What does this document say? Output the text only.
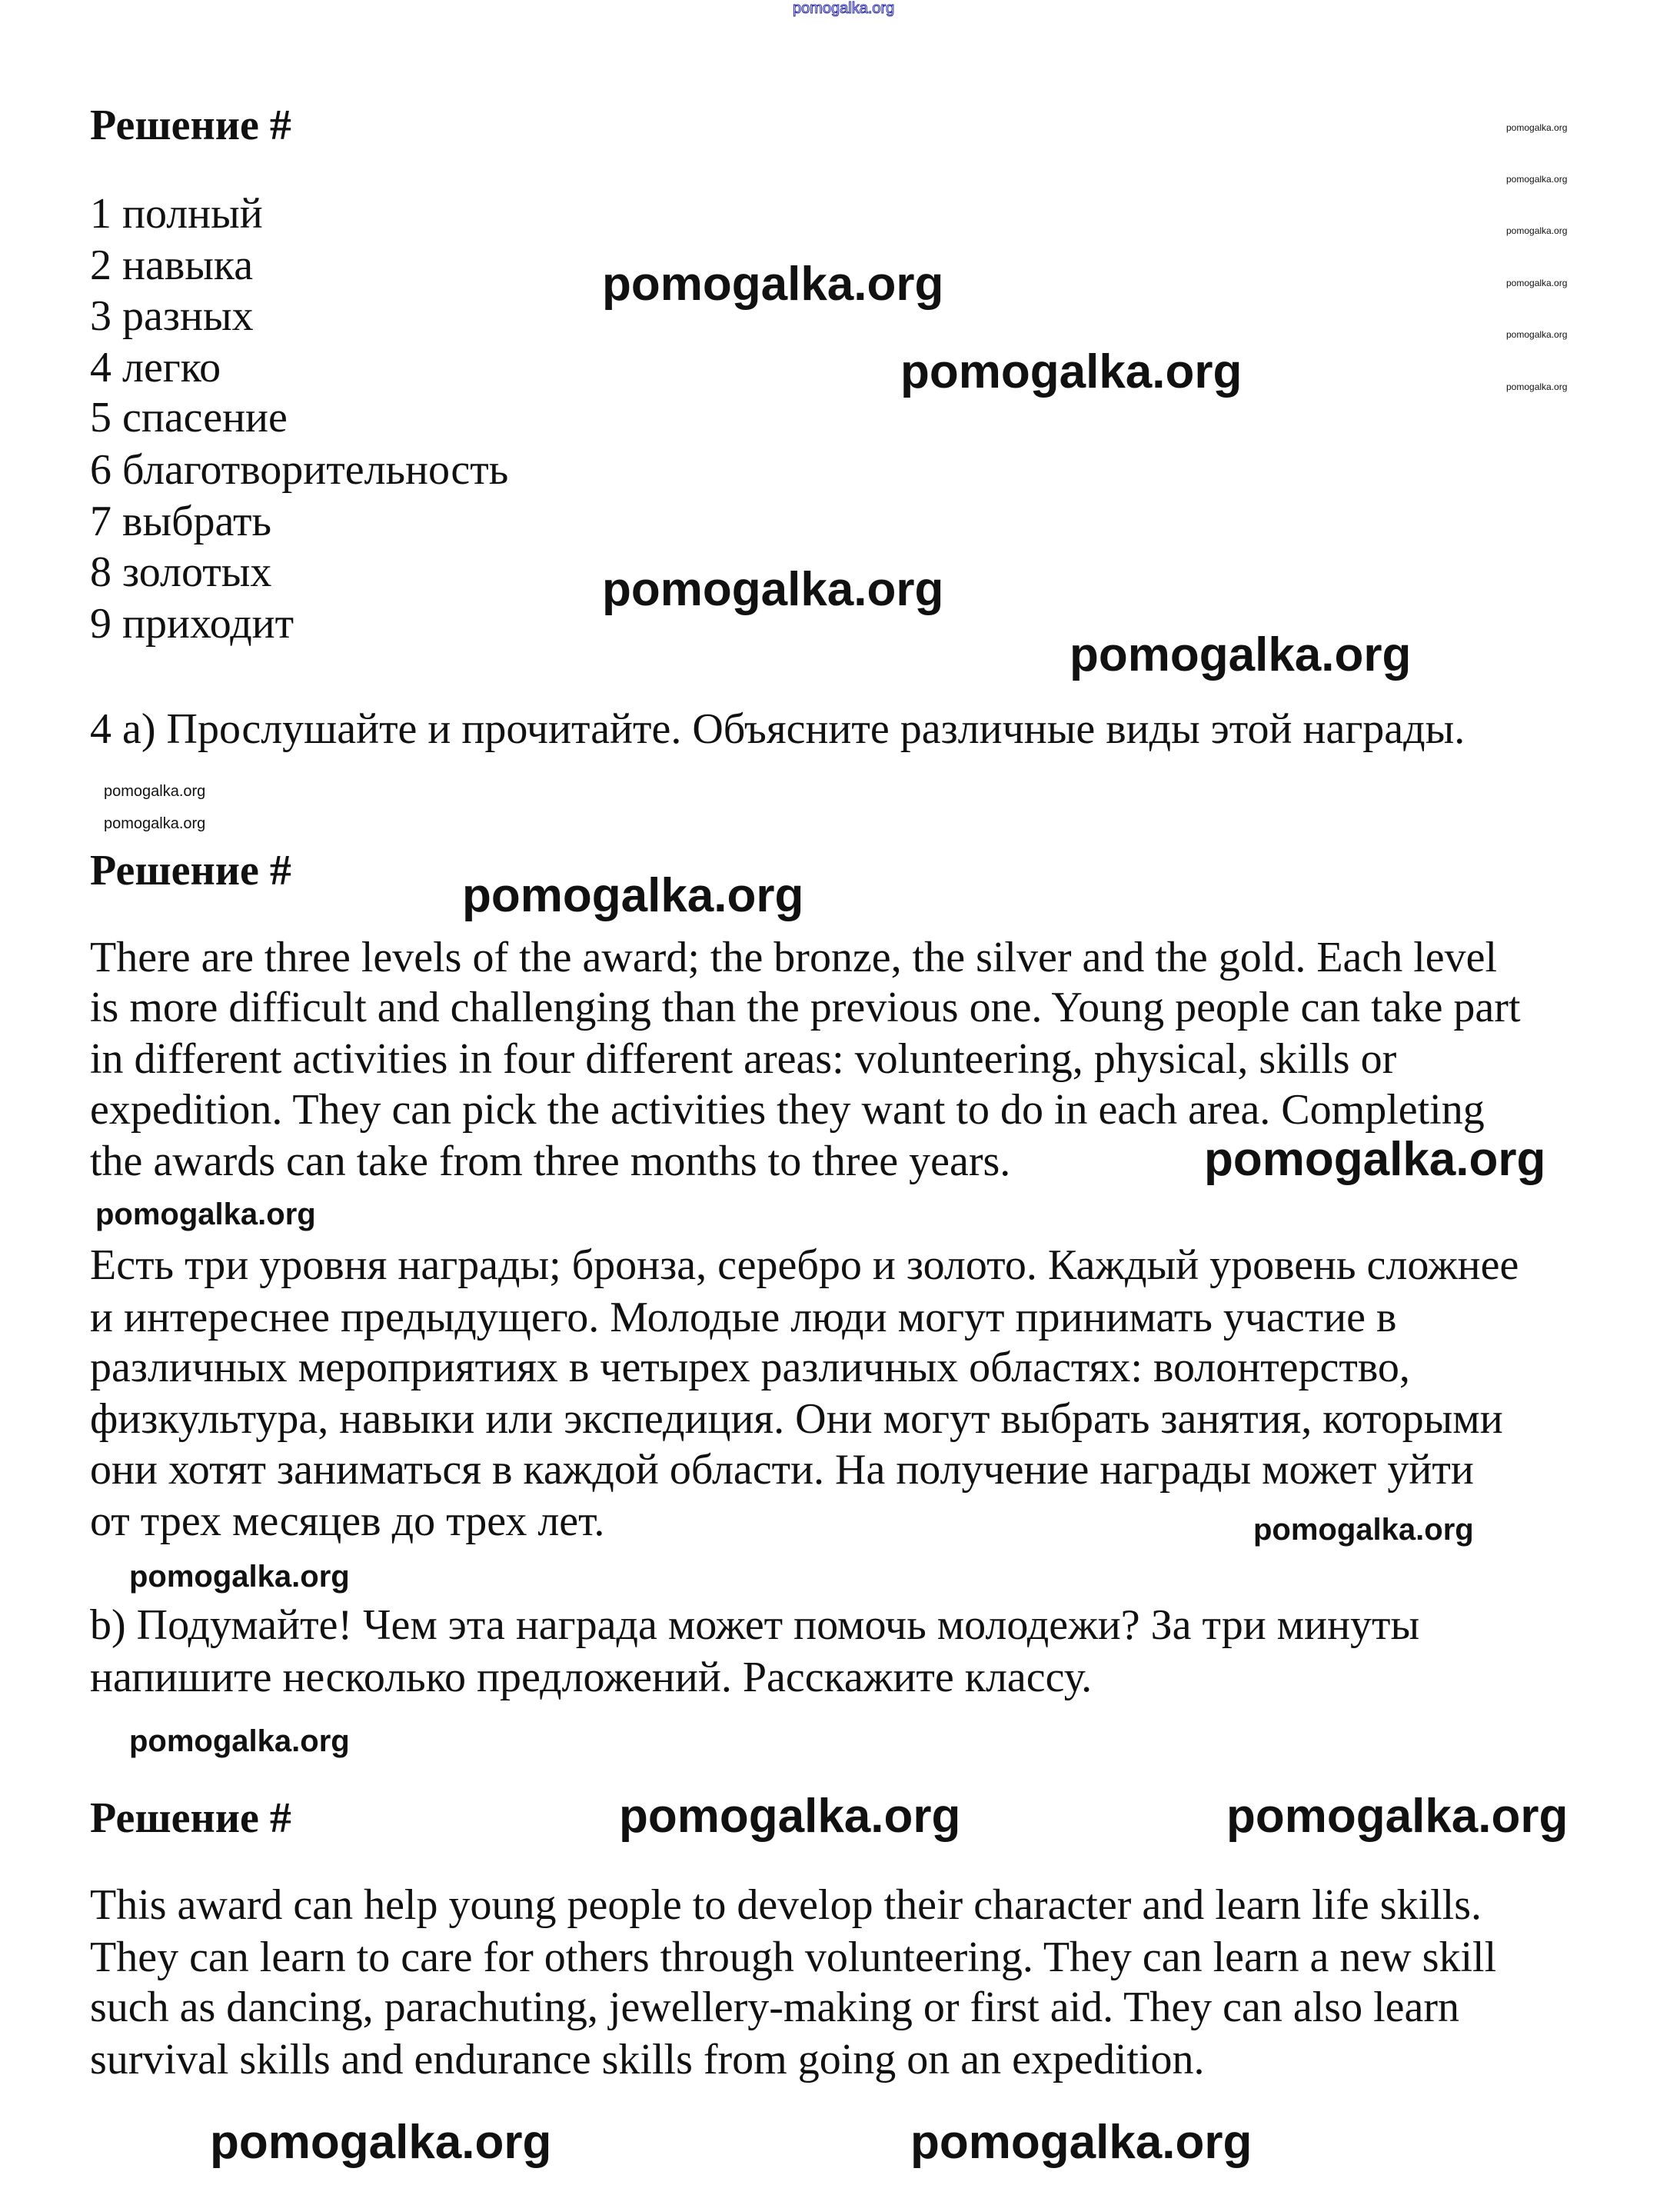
Решение #
1 полный
2 навыка
3 разных
4 легко
5 спасение
6 благотворительность
7 выбрать
8 золотых
9 приходит
4 а) Прослушайте и прочитайте. Объясните различные виды этой награды.
Решение #
There are three levels of the award; the bronze, the silver and the gold. Each level
is more difficult and challenging than the previous one. Young people can take part
in different activities in four different areas: volunteering, physical, skills or
expedition. They can pick the activities they want to do in each area. Completing
the awards can take from three months to three years.
Есть три уровня награды; бронза, серебро и золото. Каждый уровень сложнее
и интереснее предыдущего. Молодые люди могут принимать участие в
различных мероприятиях в четырех различных областях: волонтерство,
физкультура, навыки или экспедиция. Они могут выбрать занятия, которыми
они хотят заниматься в каждой области. На получение награды может уйти
от трех месяцев до трех лет.
b) Подумайте! Чем эта награда может помочь молодежи? За три минуты
напишите несколько предложений. Расскажите классу.
Решение #
This award can help young people to develop their character and learn life skills.
They can learn to care for others through volunteering. They can learn a new skill
such as dancing, parachuting, jewellery-making or first aid. They can also learn
survival skills and endurance skills from going on an expedition.
pomogalka.org
pomogalka.org
pomogalka.org
pomogalka.org
pomogalka.org
pomogalka.org
pomogalka.org
pomogalka.org	pomogalka.org
pomogalka.org	pomogalka.org
pomogalka.org
pomogalka.org
pomogalka.org
pomogalka.org
pomogalka.org
pomogalka.org
pomogalka.org
pomogalka.org
pomogalka.org
pomogalka.org
pomogalka.org
pomogalka.org
